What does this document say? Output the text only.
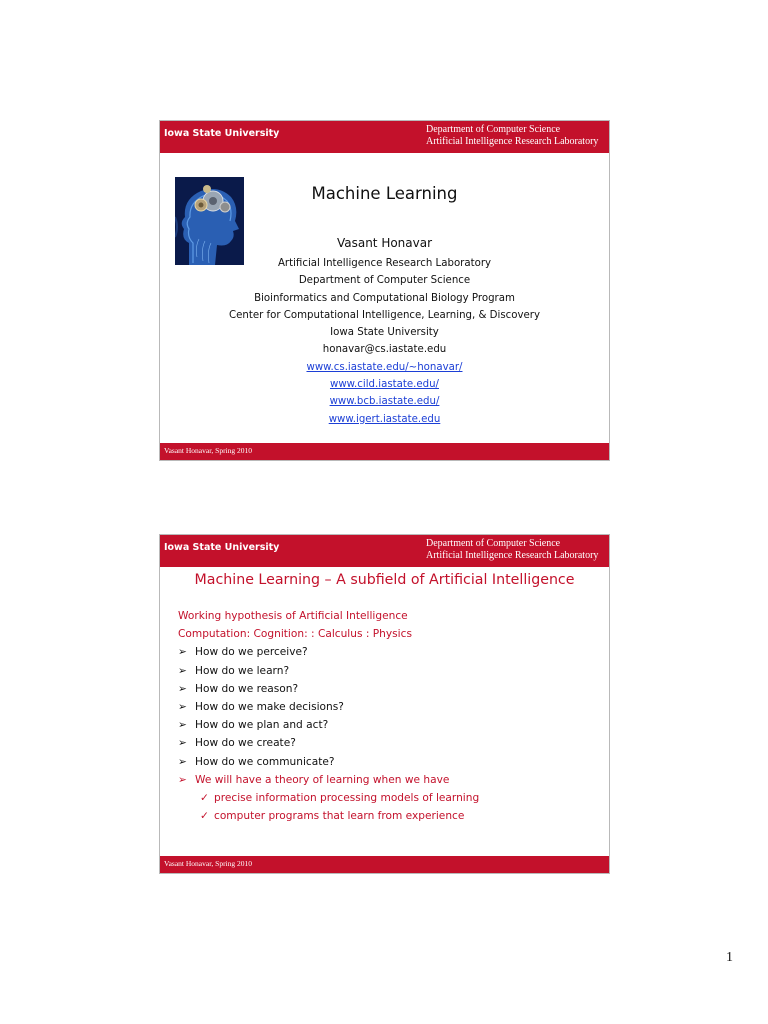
Iowa State University	Department of Computer Science
Artificial Intelligence Research Laboratory
Machine Learning
Vasant Honavar
Artificial Intelligence Research Laboratory
Department of Computer Science
Bioinformatics and Computational Biology Program
Center for Computational Intelligence, Learning, & Discovery
Iowa State University
honavar@cs.iastate.edu
www.cs.iastate.edu/~honavar/
www.cild.iastate.edu/
www.bcb.iastate.edu/
www.igert.iastate.edu
Vasant Honavar, Spring 2010
Iowa State University	Department of Computer Science
Artificial Intelligence Research Laboratory
Machine Learning – A subfield of Artificial Intelligence
Working hypothesis of Artificial Intelligence
Computation: Cognition: : Calculus : Physics
➢ How do we perceive?
➢ How do we learn?
➢ How do we reason?
➢ How do we make decisions?
➢ How do we plan and act?
➢ How do we create?
➢ How do we communicate?
➢ We will have a theory of learning when we have
✓ precise information processing models of learning
✓ computer programs that learn from experience
Vasant Honavar, Spring 2010
1
